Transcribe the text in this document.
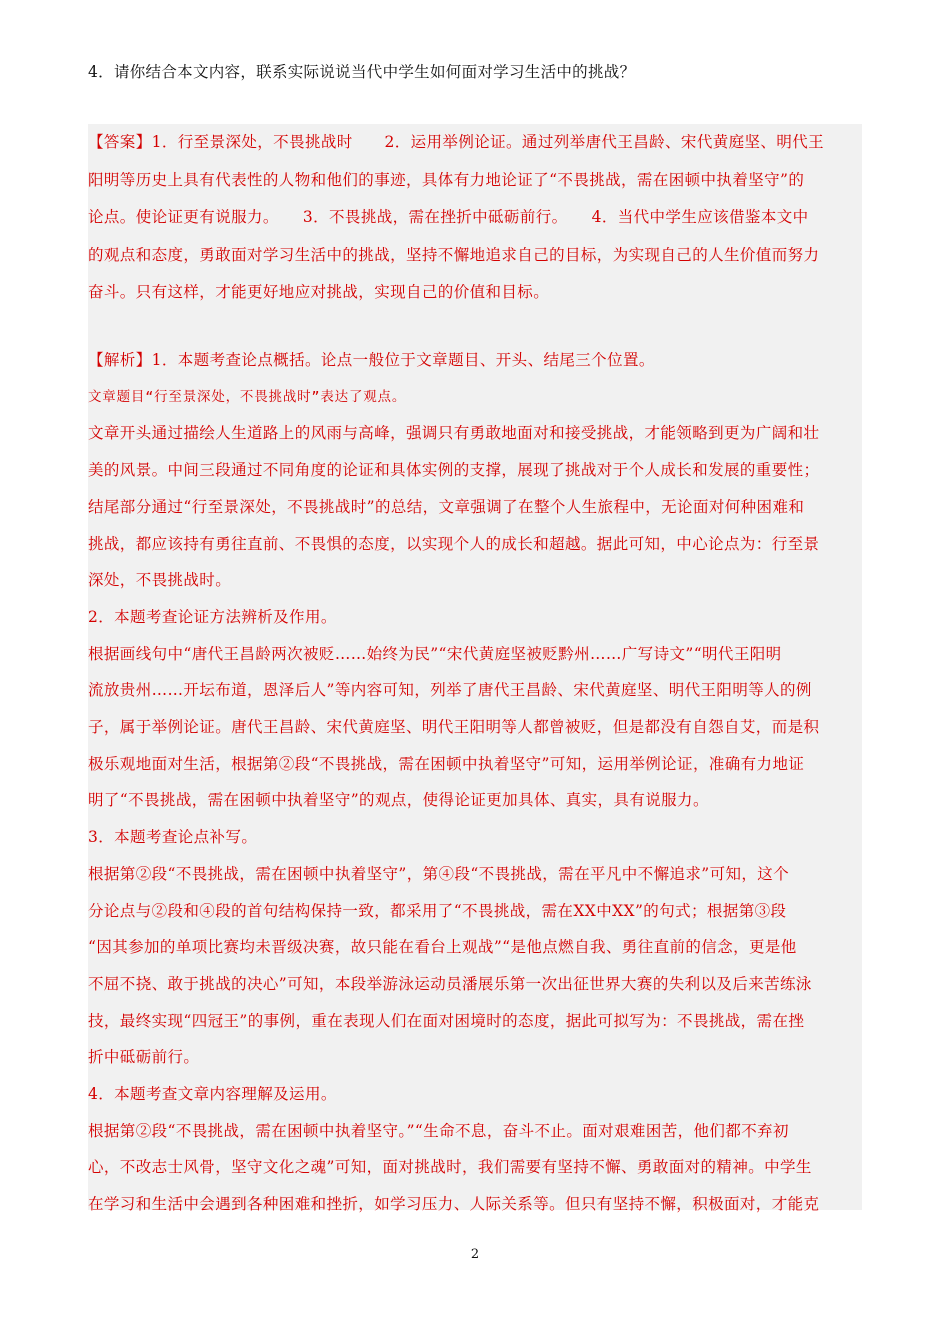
4．请你结合本文内容，联系实际说说当代中学生如何面对学习生活中的挑战？
【答案】1．行至景深处，不畏挑战时　　2．运用举例论证。通过列举唐代王昌龄、宋代黄庭坚、明代王
阳明等历史上具有代表性的人物和他们的事迹，具体有力地论证了“不畏挑战，需在困顿中执着坚守”的
论点。使论证更有说服力。　　3．不畏挑战，需在挫折中砥砺前行。　　4．当代中学生应该借鉴本文中
的观点和态度，勇敢面对学习生活中的挑战，坚持不懈地追求自己的目标，为实现自己的人生价值而努力
奋斗。只有这样，才能更好地应对挑战，实现自己的价值和目标。
【解析】1．本题考查论点概括。论点一般位于文章题目、开头、结尾三个位置。
文章题目“行至景深处，不畏挑战时”表达了观点。
文章开头通过描绘人生道路上的风雨与高峰，强调只有勇敢地面对和接受挑战，才能领略到更为广阔和壮
美的风景。中间三段通过不同角度的论证和具体实例的支撑，展现了挑战对于个人成长和发展的重要性；
结尾部分通过“行至景深处，不畏挑战时”的总结，文章强调了在整个人生旅程中，无论面对何种困难和
挑战，都应该持有勇往直前、不畏惧的态度，以实现个人的成长和超越。据此可知，中心论点为：行至景
深处，不畏挑战时。
2．本题考查论证方法辨析及作用。
根据画线句中“唐代王昌龄两次被贬……始终为民”“宋代黄庭坚被贬黔州……广写诗文”“明代王阳明
流放贵州……开坛布道，恩泽后人”等内容可知，列举了唐代王昌龄、宋代黄庭坚、明代王阳明等人的例
子，属于举例论证。唐代王昌龄、宋代黄庭坚、明代王阳明等人都曾被贬，但是都没有自怨自艾，而是积
极乐观地面对生活，根据第②段“不畏挑战，需在困顿中执着坚守”可知，运用举例论证，准确有力地证
明了“不畏挑战，需在困顿中执着坚守”的观点，使得论证更加具体、真实，具有说服力。
3．本题考查论点补写。
根据第②段“不畏挑战，需在困顿中执着坚守”，第④段“不畏挑战，需在平凡中不懈追求”可知，这个
分论点与②段和④段的首句结构保持一致，都采用了“不畏挑战，需在XX中XX”的句式；根据第③段
“因其参加的单项比赛均未晋级决赛，故只能在看台上观战”“是他点燃自我、勇往直前的信念，更是他
不屈不挠、敢于挑战的决心”可知，本段举游泳运动员潘展乐第一次出征世界大赛的失利以及后来苦练泳
技，最终实现“四冠王”的事例，重在表现人们在面对困境时的态度，据此可拟写为：不畏挑战，需在挫
折中砥砺前行。
4．本题考查文章内容理解及运用。
根据第②段“不畏挑战，需在困顿中执着坚守。”“生命不息，奋斗不止。面对艰难困苦，他们都不弃初
心，不改志士风骨，坚守文化之魂”可知，面对挑战时，我们需要有坚持不懈、勇敢面对的精神。中学生
在学习和生活中会遇到各种困难和挫折，如学习压力、人际关系等。但只有坚持不懈，积极面对，才能克
2
